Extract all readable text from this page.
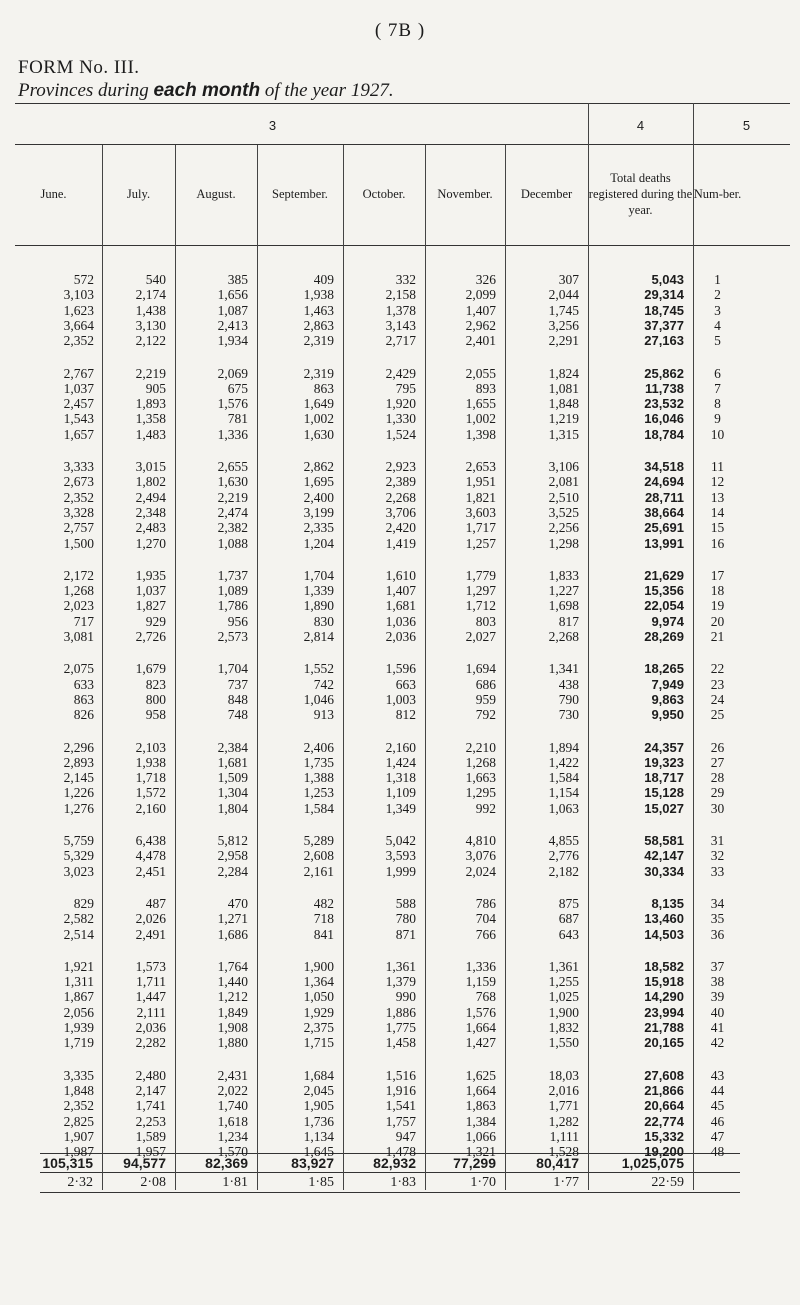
( 7B )
FORM No. III.
Provinces during each month of the year 1927.
3	4	5
June.	July.	August.	September.	October.	November.	December
Total deaths registered during the year.
Num-ber.
572	540	385	409	332	326	307	5,043	1
3,103	2,174	1,656	1,938	2,158	2,099	2,044	29,314	2
1,623	1,438	1,087	1,463	1,378	1,407	1,745	18,745	3
3,664	3,130	2,413	2,863	3,143	2,962	3,256	37,377	4
2,352	2,122	1,934	2,319	2,717	2,401	2,291	27,163	5
2,767	2,219	2,069	2,319	2,429	2,055	1,824	25,862	6
1,037	905	675	863	795	893	1,081	11,738	7
2,457	1,893	1,576	1,649	1,920	1,655	1,848	23,532	8
1,543	1,358	781	1,002	1,330	1,002	1,219	16,046	9
1,657	1,483	1,336	1,630	1,524	1,398	1,315	18,784	10
3,333	3,015	2,655	2,862	2,923	2,653	3,106	34,518	11
2,673	1,802	1,630	1,695	2,389	1,951	2,081	24,694	12
2,352	2,494	2,219	2,400	2,268	1,821	2,510	28,711	13
3,328	2,348	2,474	3,199	3,706	3,603	3,525	38,664	14
2,757	2,483	2,382	2,335	2,420	1,717	2,256	25,691	15
1,500	1,270	1,088	1,204	1,419	1,257	1,298	13,991	16
2,172	1,935	1,737	1,704	1,610	1,779	1,833	21,629	17
1,268	1,037	1,089	1,339	1,407	1,297	1,227	15,356	18
2,023	1,827	1,786	1,890	1,681	1,712	1,698	22,054	19
717	929	956	830	1,036	803	817	9,974	20
3,081	2,726	2,573	2,814	2,036	2,027	2,268	28,269	21
2,075	1,679	1,704	1,552	1,596	1,694	1,341	18,265	22
633	823	737	742	663	686	438	7,949	23
863	800	848	1,046	1,003	959	790	9,863	24
826	958	748	913	812	792	730	9,950	25
2,296	2,103	2,384	2,406	2,160	2,210	1,894	24,357	26
2,893	1,938	1,681	1,735	1,424	1,268	1,422	19,323	27
2,145	1,718	1,509	1,388	1,318	1,663	1,584	18,717	28
1,226	1,572	1,304	1,253	1,109	1,295	1,154	15,128	29
1,276	2,160	1,804	1,584	1,349	992	1,063	15,027	30
5,759	6,438	5,812	5,289	5,042	4,810	4,855	58,581	31
5,329	4,478	2,958	2,608	3,593	3,076	2,776	42,147	32
3,023	2,451	2,284	2,161	1,999	2,024	2,182	30,334	33
829	487	470	482	588	786	875	8,135	34
2,582	2,026	1,271	718	780	704	687	13,460	35
2,514	2,491	1,686	841	871	766	643	14,503	36
1,921	1,573	1,764	1,900	1,361	1,336	1,361	18,582	37
1,311	1,711	1,440	1,364	1,379	1,159	1,255	15,918	38
1,867	1,447	1,212	1,050	990	768	1,025	14,290	39
2,056	2,111	1,849	1,929	1,886	1,576	1,900	23,994	40
1,939	2,036	1,908	2,375	1,775	1,664	1,832	21,788	41
1,719	2,282	1,880	1,715	1,458	1,427	1,550	20,165	42
3,335	2,480	2,431	1,684	1,516	1,625	18,03	27,608	43
1,848	2,147	2,022	2,045	1,916	1,664	2,016	21,866	44
2,352	1,741	1,740	1,905	1,541	1,863	1,771	20,664	45
2,825	2,253	1,618	1,736	1,757	1,384	1,282	22,774	46
1,907	1,589	1,234	1,134	947	1,066	1,111	15,332	47
1,987	1,957	1,570	1,645	1,478	1,321	1,528	19,200	48
105,315	94,577	82,369	83,927	82,932	77,299	80,417	1,025,075
2·32	2·08	1·81	1·85	1·83	1·70	1·77	22·59
